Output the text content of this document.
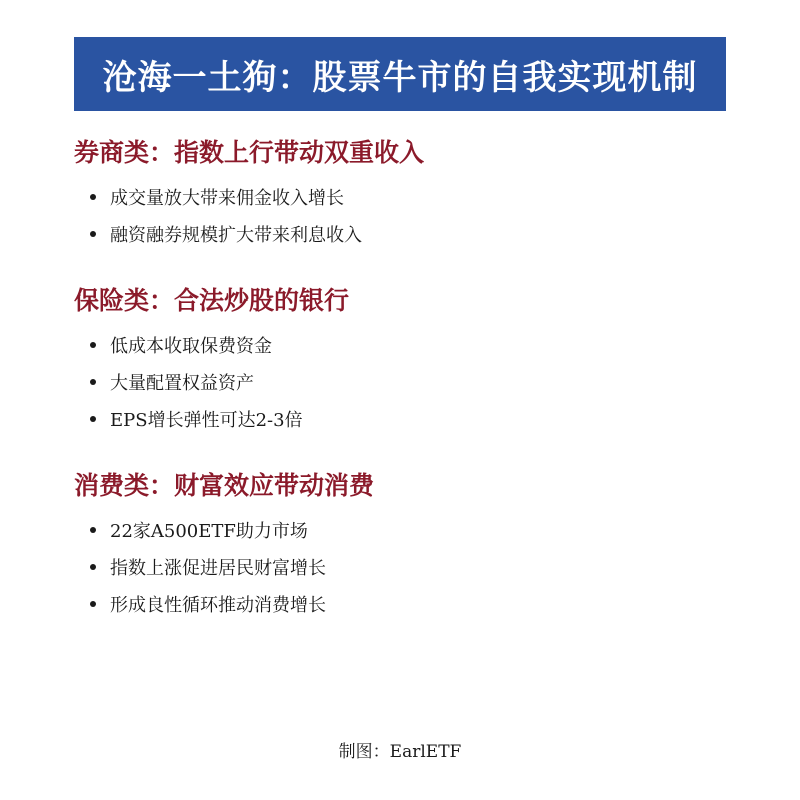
沧海一土狗：股票牛市的自我实现机制
券商类：指数上行带动双重收入
成交量放大带来佣金收入增长
融资融券规模扩大带来利息收入
保险类：合法炒股的银行
低成本收取保费资金
大量配置权益资产
EPS增长弹性可达2-3倍
消费类：财富效应带动消费
22家A500ETF助力市场
指数上涨促进居民财富增长
形成良性循环推动消费增长
制图：EarlETF
